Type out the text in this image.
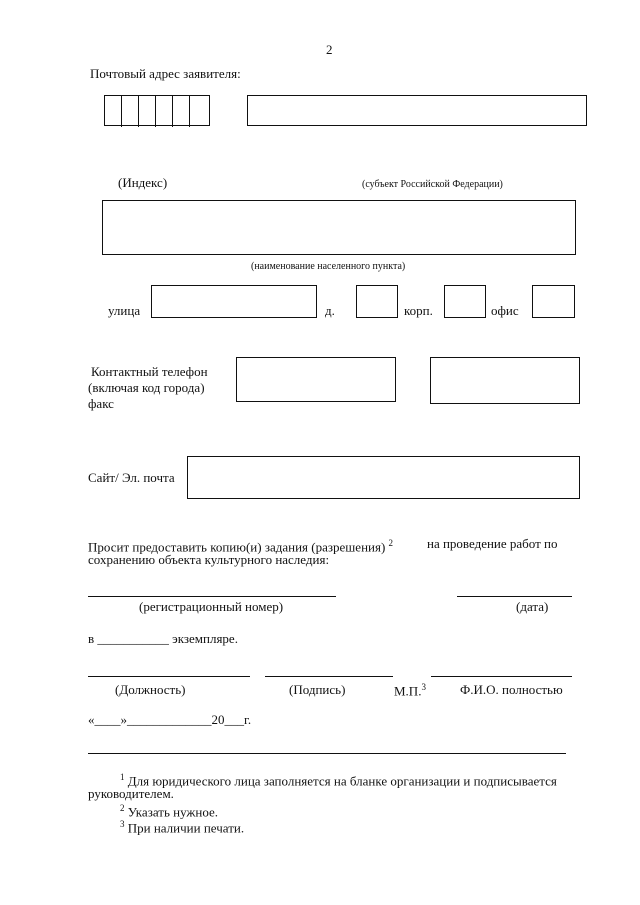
2
Почтовый адрес заявителя:
(Индекс)	(субъект Российской Федерации)
(наименование населенного пункта)
улица	д.	корп.	офис
Контактный телефон
(включая код города)
факс
Сайт/ Эл. почта
Просит предоставить копию(и) задания (разрешения) $^2$	на проведение работ по
сохранению объекта культурного наследия:
(регистрационный номер)	(дата)
в ___________ экземпляре.
(Должность)	(Подпись)	М.П.$^3$	Ф.И.О. полностью
«____»_____________20___г.
$^1$ Для юридического лица заполняется на бланке организации и подписывается
руководителем.
$^2$ Указать нужное.
$^3$ При наличии печати.
